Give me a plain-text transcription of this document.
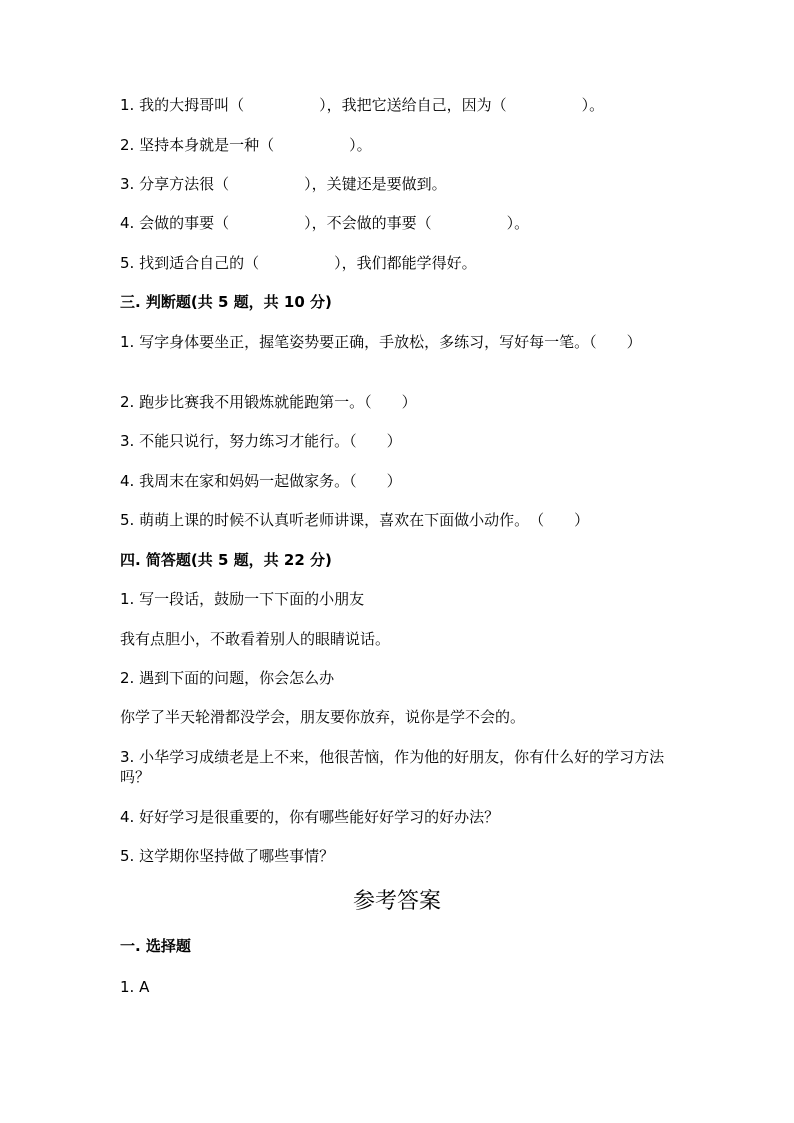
1. 我的大拇哥叫（　　　　　），我把它送给自己，因为（　　　　　）。
2. 坚持本身就是一种（　　　　　）。
3. 分享方法很（　　　　　），关键还是要做到。
4. 会做的事要（　　　　　），不会做的事要（　　　　　）。
5. 找到适合自己的（　　　　　），我们都能学得好。
三. 判断题(共 5 题，共 10 分)
1. 写字身体要坐正，握笔姿势要正确，手放松，多练习，写好每一笔。（　　）
2. 跑步比赛我不用锻炼就能跑第一。（　　）
3. 不能只说行，努力练习才能行。（　　）
4. 我周末在家和妈妈一起做家务。（　　）
5. 萌萌上课的时候不认真听老师讲课，喜欢在下面做小动作。　（　　）
四. 简答题(共 5 题，共 22 分)
1. 写一段话，鼓励一下下面的小朋友
我有点胆小，不敢看着别人的眼睛说话。
2. 遇到下面的问题，你会怎么办
你学了半天轮滑都没学会，朋友要你放弃，说你是学不会的。
3. 小华学习成绩老是上不来，他很苦恼，作为他的好朋友，你有什么好的学习方法吗？
4. 好好学习是很重要的，你有哪些能好好学习的好办法？
5. 这学期你坚持做了哪些事情？
参考答案
一. 选择题
1. A
